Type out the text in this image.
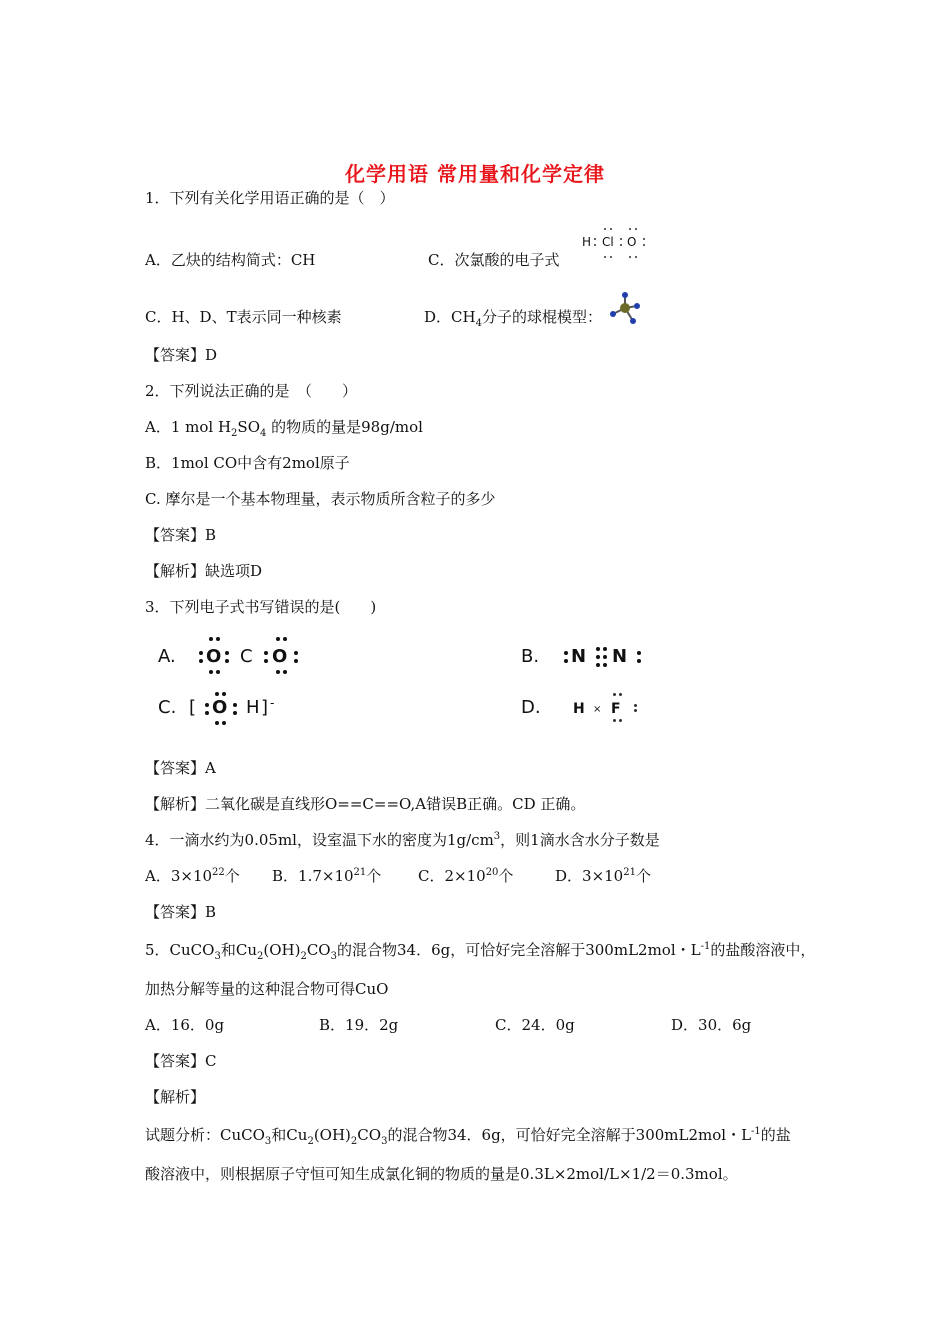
化学用语 常用量和化学定律
1．下列有关化学用语正确的是（　）
A．乙炔的结构简式：CH	C．次氯酸的电子式
H Cl O
C．H、D、T表示同一种核素	D．$CH_4$分子的球棍模型：
【答案】D
2．下列说法正确的是　（　　）
A．1 mol $H_2SO_4$ 的物质的量是98g/mol
B．1mol CO中含有2mol原子
C. 摩尔是一个基本物理量，表示物质所含粒子的多少
【答案】B
【解析】缺选项D
3．下列电子式书写错误的是(　　)
A. O C O	B. N N
C. [ O H ] -	D. H × F
【答案】A
【解析】二氧化碳是直线形O==C==O,A错误B正确。CD 正确。
4．一滴水约为0.05ml，设室温下水的密度为$1g/cm^3$，则1滴水含水分子数是
A．$3\times 10^{22}$个 B．$1.7\times 10^{21}$个 C．$2\times 10^{20}$个	D．$3\times 10^{21}$个
【答案】B
5．CuCO$_3$和$Cu_2(OH)_2CO_3$的混合物34．6g，可恰好完全溶解于300mL2mol・$L^{-1}$的盐酸溶液中，
加热分解等量的这种混合物可得CuO
A．16．0g	B．19．2g	C．24．0g	D．30．6g
【答案】C
【解析】
试题分析：CuCO$_3$和$Cu_2(OH)_2CO_3$的混合物34．6g，可恰好完全溶解于300mL2mol・$L^{-1}$的盐
酸溶液中，则根据原子守恒可知生成氯化铜的物质的量是0.3L×2mol/L×1/2＝0.3mol。
